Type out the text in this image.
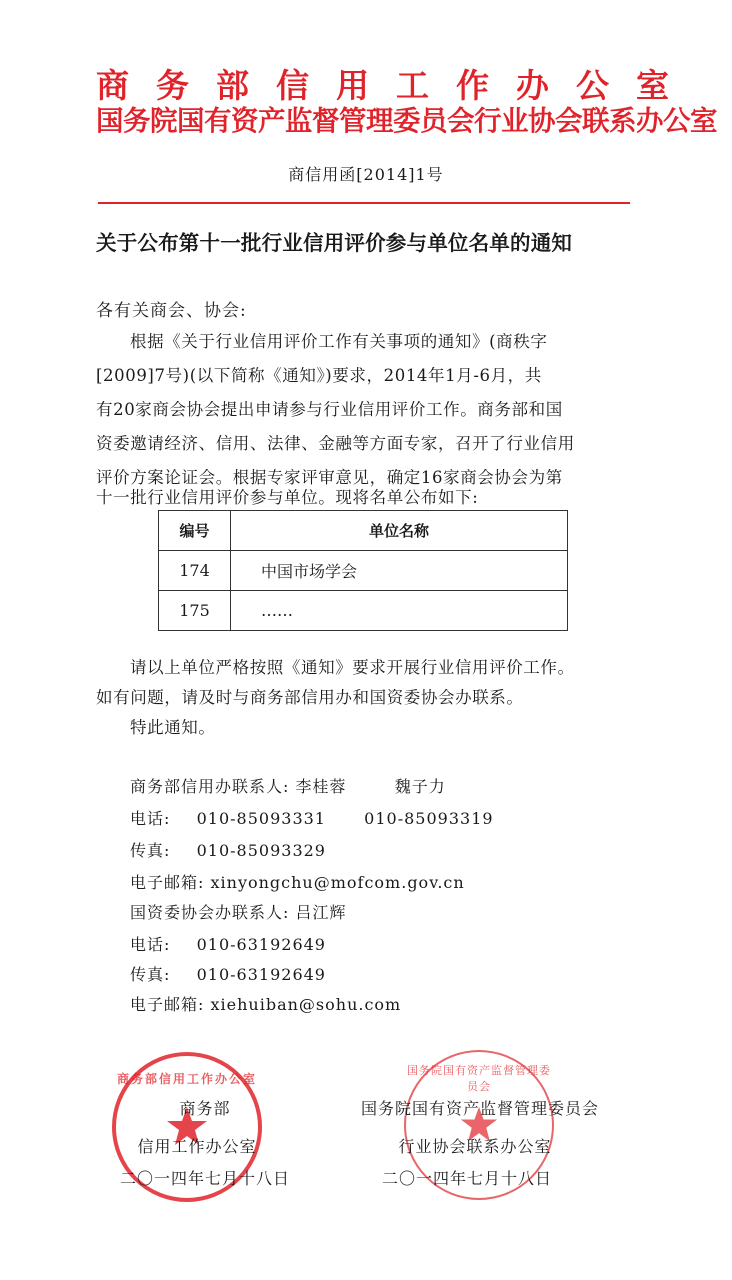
商务部信用工作办公室
国务院国有资产监督管理委员会行业协会联系办公室
商信用函[2014]1号
关于公布第十一批行业信用评价参与单位名单的通知
各有关商会、协会:
根据《关于行业信用评价工作有关事项的通知》(商秩字
[2009]7号)(以下简称《通知》)要求，2014年1月-6月，共
有20家商会协会提出申请参与行业信用评价工作。商务部和国
资委邀请经济、信用、法律、金融等方面专家，召开了行业信用
评价方案论证会。根据专家评审意见，确定16家商会协会为第
十一批行业信用评价参与单位。现将名单公布如下:
编号	单位名称
174	中国市场学会
175	……
请以上单位严格按照《通知》要求开展行业信用评价工作。
如有问题，请及时与商务部信用办和国资委协会办联系。
特此通知。
商务部信用办联系人: 李桂蓉	魏子力
电话: 010-85093331 010-85093319
传真: 010-85093329
电子邮箱: xinyongchu@mofcom.gov.cn
国资委协会办联系人: 吕江辉
电话: 010-63192649
传真: 010-63192649
电子邮箱: xiehuiban@sohu.com
商务部信用工作办公室
国务院国有资产监督管理委员会
商务部
信用工作办公室
二〇一四年七月十八日
国务院国有资产监督管理委员会
行业协会联系办公室
二〇一四年七月十八日
